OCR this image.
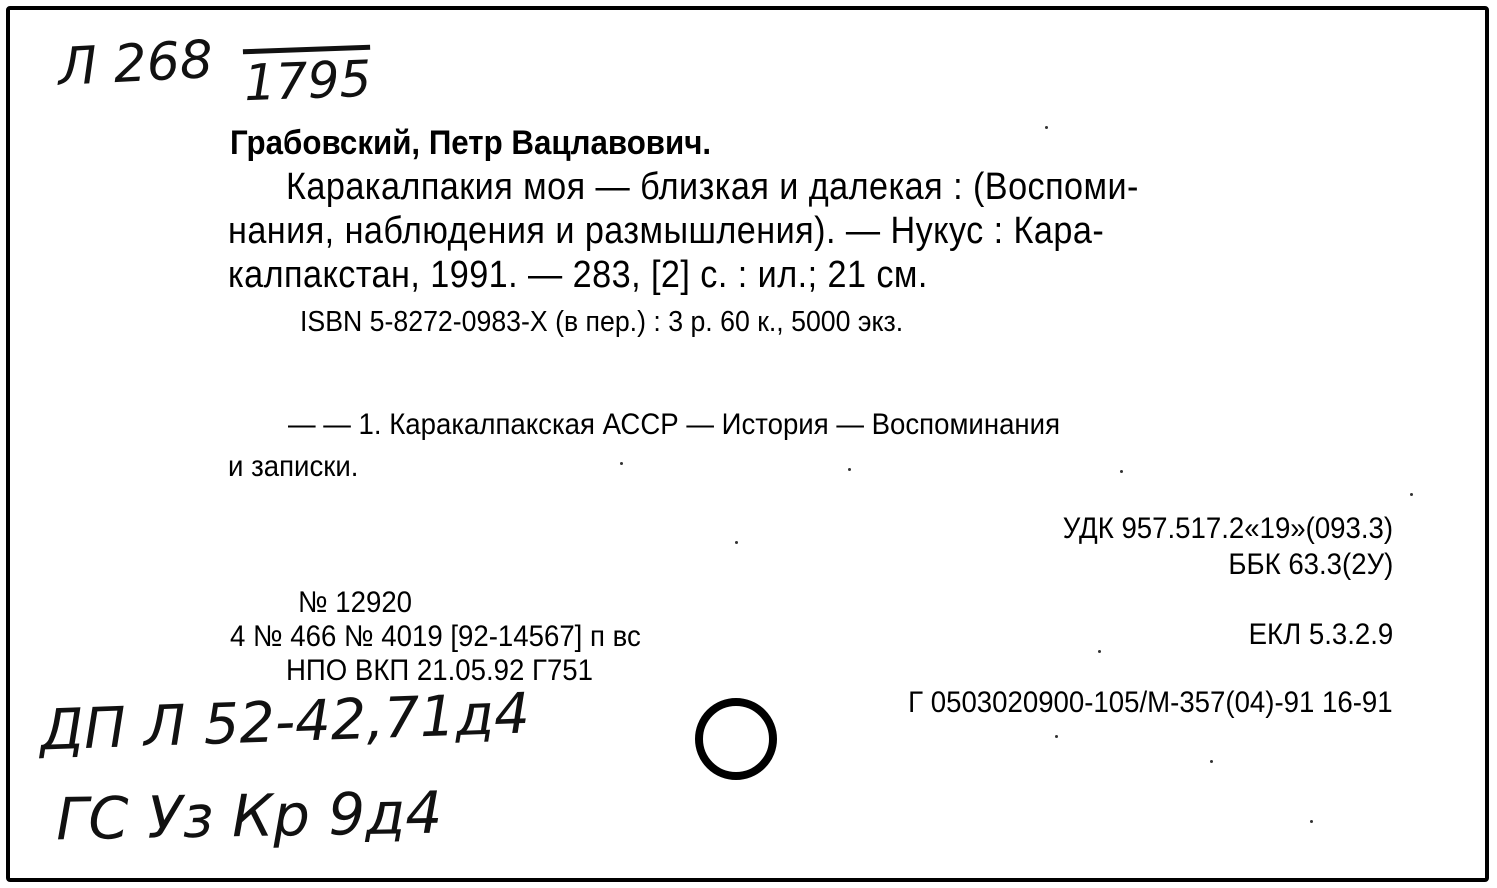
Л 268 1795
Грабовский, Петр Вацлавович.
Каракалпакия моя — близкая и далекая : (Воспоми-
нания, наблюдения и размышления). — Нукус : Кара-
калпакстан, 1991. — 283, [2] с. : ил.; 21 см.
ISBN 5-8272-0983-X (в пер.) : 3 р. 60 к., 5000 экз.
— — 1. Каракалпакская АССР — История — Воспоминания
и записки.
УДК 957.517.2«19»(093.3)
ББК 63.3(2У)
ЕКЛ 5.3.2.9
Г 0503020900-105/М-357(04)-91 16-91
№ 12920
4 № 466 № 4019 [92-14567] п вс
НПО ВКП 21.05.92 Г751
ДП Л 52-42,71д4
ГС Уз Кр 9д4
